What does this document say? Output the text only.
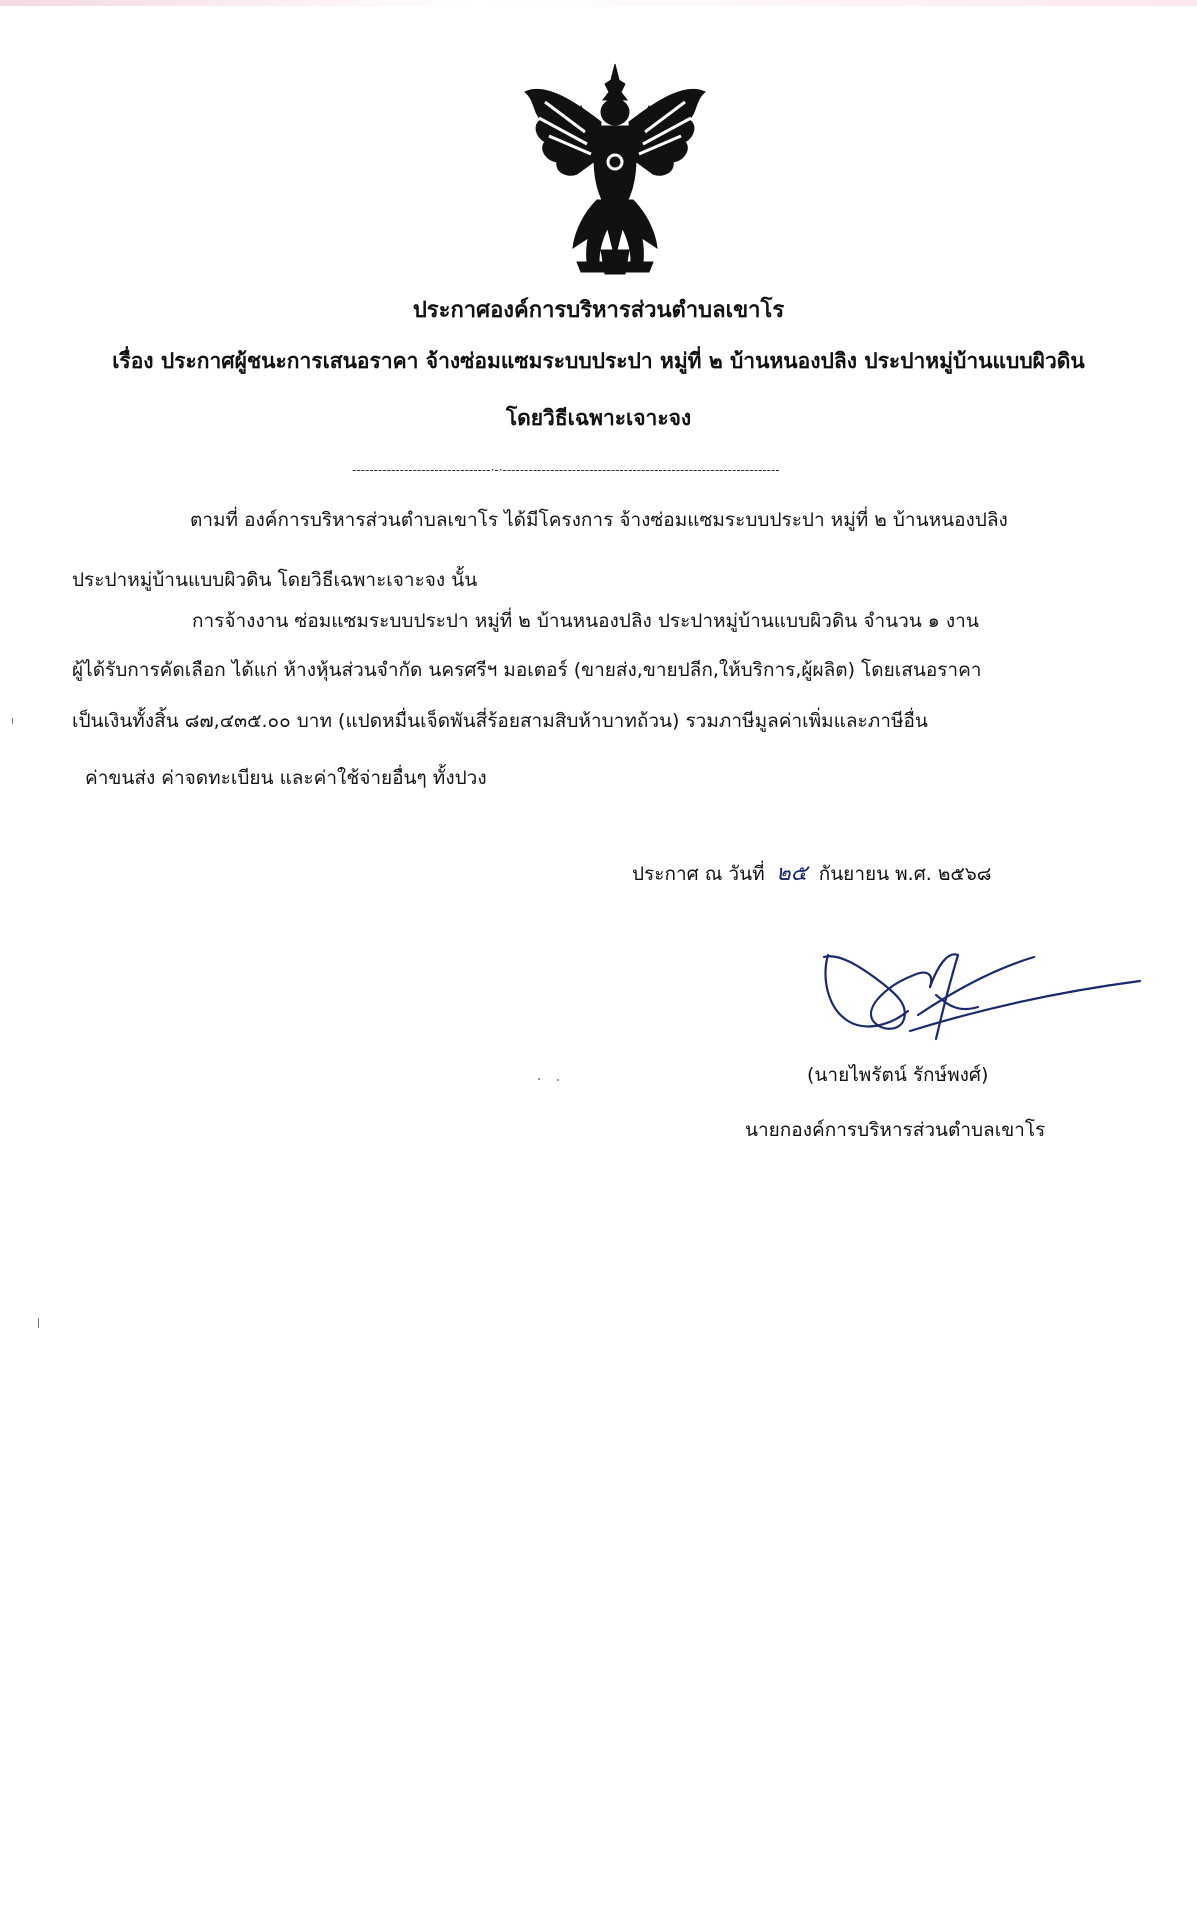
ประกาศองค์การบริหารส่วนตำบลเขาโร
เรื่อง ประกาศผู้ชนะการเสนอราคา จ้างซ่อมแซมระบบประปา หมู่ที่ ๒ บ้านหนองปลิง ประปาหมู่บ้านแบบผิวดิน
โดยวิธีเฉพาะเจาะจง
--------------------------------·-·----------------------------------------------------------------
ตามที่ องค์การบริหารส่วนตำบลเขาโร ได้มีโครงการ จ้างซ่อมแซมระบบประปา หมู่ที่ ๒ บ้านหนองปลิง
ประปาหมู่บ้านแบบผิวดิน โดยวิธีเฉพาะเจาะจง นั้น
การจ้างงาน ซ่อมแซมระบบประปา หมู่ที่ ๒ บ้านหนองปลิง ประปาหมู่บ้านแบบผิวดิน จำนวน ๑ งาน
ผู้ได้รับการคัดเลือก ได้แก่ ห้างหุ้นส่วนจำกัด นครศรีฯ มอเตอร์ (ขายส่ง,ขายปลีก,ให้บริการ,ผู้ผลิต) โดยเสนอราคา
เป็นเงินทั้งสิ้น ๘๗,๔๓๕.๐๐ บาท (แปดหมื่นเจ็ดพันสี่ร้อยสามสิบห้าบาทถ้วน) รวมภาษีมูลค่าเพิ่มและภาษีอื่น
ค่าขนส่ง ค่าจดทะเบียน และค่าใช้จ่ายอื่นๆ ทั้งปวง
ประกาศ ณ วันที่ ๒๕ กันยายน พ.ศ. ๒๕๖๘
(นายไพรัตน์ รักษ์พงศ์)
นายกองค์การบริหารส่วนตำบลเขาโร
